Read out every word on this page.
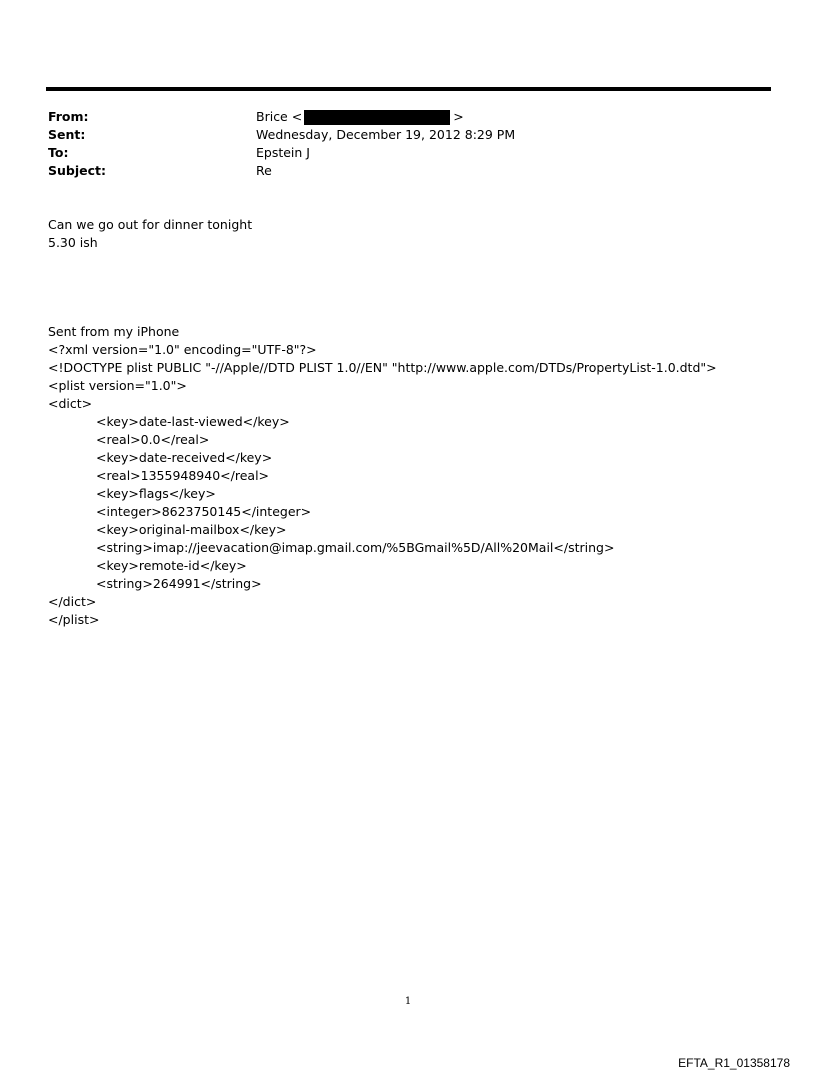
From:	Brice <	>
Sent:	Wednesday, December 19, 2012 8:29 PM
To:	Epstein J
Subject:	Re
Can we go out for dinner tonight
5.30 ish
Sent from my iPhone
<?xml version="1.0" encoding="UTF-8"?>
<!DOCTYPE plist PUBLIC "-//Apple//DTD PLIST 1.0//EN" "http://www.apple.com/DTDs/PropertyList-1.0.dtd">
<plist version="1.0">
<dict>
<key>date-last-viewed</key>
<real>0.0</real>
<key>date-received</key>
<real>1355948940</real>
<key>flags</key>
<integer>8623750145</integer>
<key>original-mailbox</key>
<string>imap://jeevacation@imap.gmail.com/%5BGmail%5D/All%20Mail</string>
<key>remote-id</key>
<string>264991</string>
</dict>
</plist>
1
EFTA_R1_01358178
